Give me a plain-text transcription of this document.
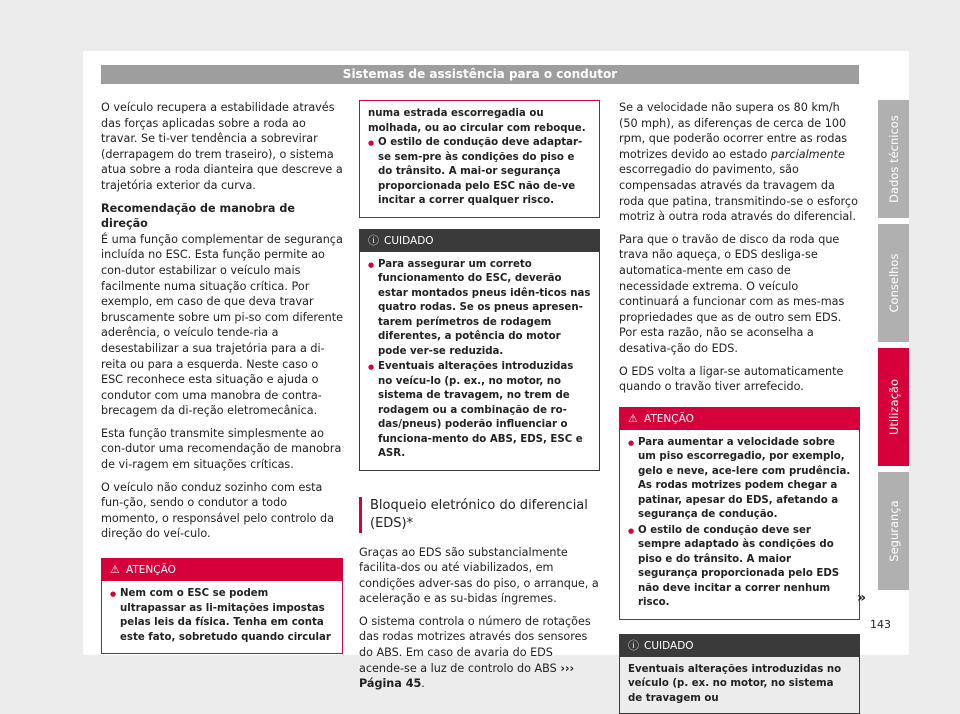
Sistemas de assistência para o condutor

O veículo recupera a estabilidade através das forças aplicadas sobre a roda ao travar. Se ti-ver tendência a sobrevirar (derrapagem do trem traseiro), o sistema atua sobre a roda dianteira que descreve a trajetória exterior da curva.

Recomendação de manobra de direção

É uma função complementar de segurança incluída no ESC. Esta função permite ao con-dutor estabilizar o veículo mais facilmente numa situação crítica. Por exemplo, em caso de que deva travar bruscamente sobre um pi-so com diferente aderência, o veículo tende-ria a desestabilizar a sua trajetória para a di-reita ou para a esquerda. Neste caso o ESC reconhece esta situação e ajuda o condutor com uma manobra de contra-brecagem da di-reção eletromecânica.

Esta função transmite simplesmente ao con-dutor uma recomendação de manobra de vi-ragem em situações críticas.

O veículo não conduz sozinho com esta fun-ção, sendo o condutor a todo momento, o responsável pelo controlo da direção do veí-culo.

⚠ ATENÇÃO
● Nem com o ESC se podem ultrapassar as li-mitações impostas pelas leis da física. Tenha em conta este fato, sobretudo quando circular
numa estrada escorregadia ou molhada, ou ao circular com reboque.
● O estilo de condução deve adaptar-se sem-pre às condições do piso e do trânsito. A mai-or segurança proporcionada pelo ESC não de-ve incitar a correr qualquer risco.
ⓘ CUIDADO
● Para assegurar um correto funcionamento do ESC, deverão estar montados pneus idên-ticos nas quatro rodas. Se os pneus apresen-tarem perímetros de rodagem diferentes, a potência do motor pode ver-se reduzida.
● Eventuais alterações introduzidas no veícu-lo (p. ex., no motor, no sistema de travagem, no trem de rodagem ou a combinação de ro-das/pneus) poderão influenciar o funciona-mento do ABS, EDS, ESC e ASR.
Bloqueio eletrónico do diferencial (EDS)*

Graças ao EDS são substancialmente facilita-dos ou até viabilizados, em condições adver-sas do piso, o arranque, a aceleração e as su-bidas íngremes.

O sistema controla o número de rotações das rodas motrizes através dos sensores do ABS. Em caso de avaria do EDS acende-se a luz de controlo do ABS ››› Página 45.

Se a velocidade não supera os 80 km/h (50 mph), as diferenças de cerca de 100 rpm, que poderão ocorrer entre as rodas motrizes devido ao estado parcialmente escorregadio do pavimento, são compensadas através da travagem da roda que patina, transmitindo-se o esforço motriz à outra roda através do diferencial.

Para que o travão de disco da roda que trava não aqueça, o EDS desliga-se automatica-mente em caso de necessidade extrema. O veículo continuará a funcionar com as mes-mas propriedades que as de outro sem EDS. Por esta razão, não se aconselha a desativa-ção do EDS.

O EDS volta a ligar-se automaticamente quando o travão tiver arrefecido.

⚠ ATENÇÃO
● Para aumentar a velocidade sobre um piso escorregadio, por exemplo, gelo e neve, ace-lere com prudência. As rodas motrizes podem chegar a patinar, apesar do EDS, afetando a segurança de condução.
● O estilo de condução deve ser sempre adaptado às condições do piso e do trânsito. A maior segurança proporcionada pelo EDS não deve incitar a correr nenhum risco.
ⓘ CUIDADO
Eventuais alterações introduzidas no veículo (p. ex. no motor, no sistema de travagem ou
»
Dados técnicos
Conselhos
Utilização
Segurança
143
